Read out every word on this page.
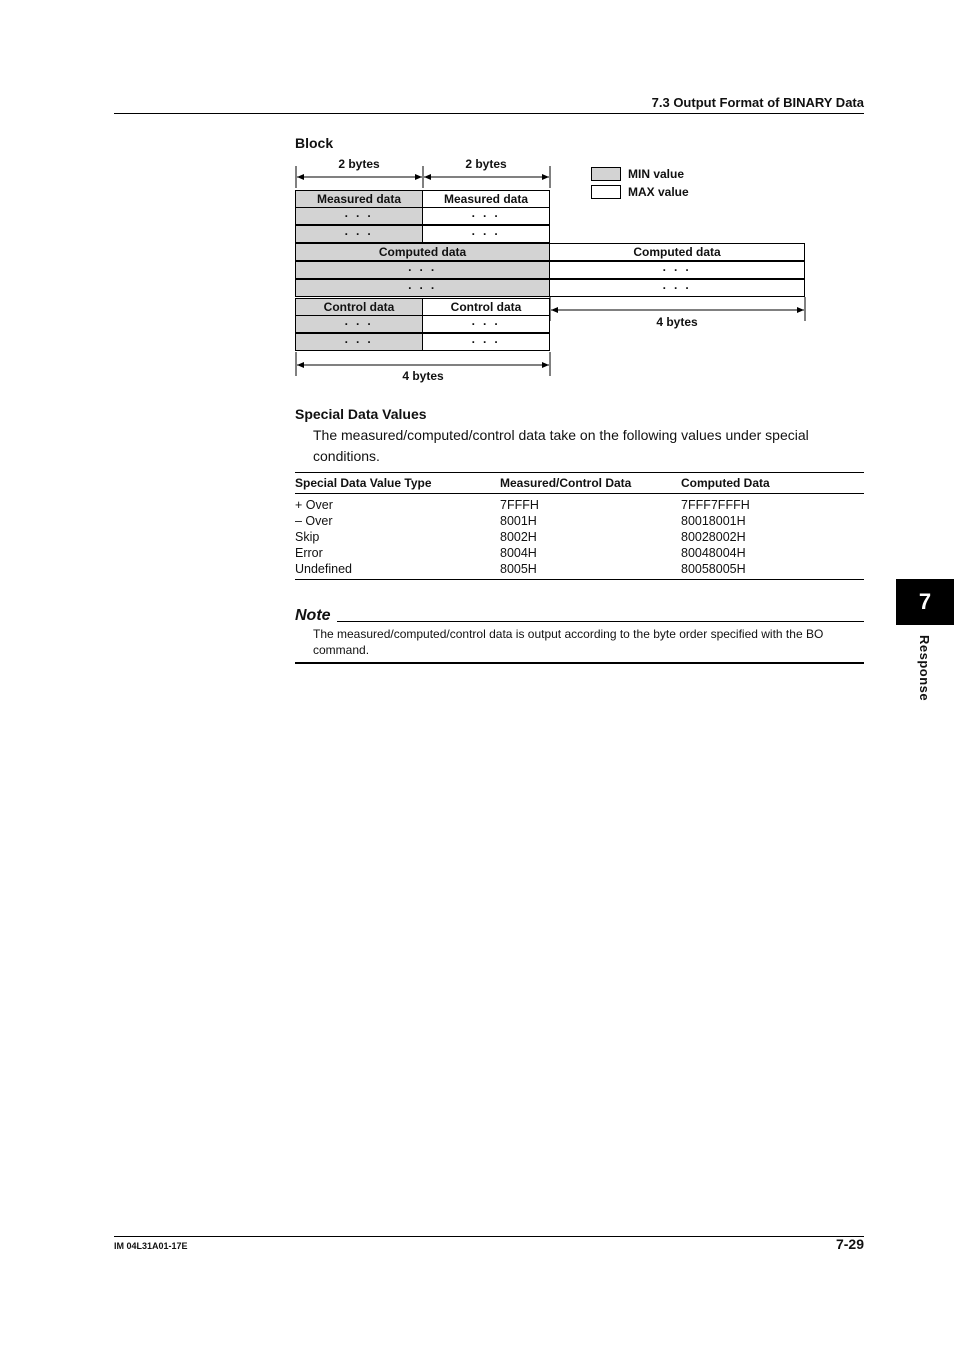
7.3 Output Format of BINARY Data
Block
2 bytes	2 bytes
Measured data	Measured data
· · ·	· · ·
· · ·	· · ·
Computed data	Computed data
· · ·	· · ·
· · ·	· · ·
Control data	Control data
· · ·	· · ·
· · ·	· · ·
4 bytes
4 bytes
MIN value
MAX value
Special Data Values
The measured/computed/control data take on the following values under special conditions.
Special Data Value Type	Measured/Control Data	Computed Data
+ Over	7FFFH	7FFF7FFFH
– Over	8001H	80018001H
Skip	8002H	80028002H
Error	8004H	80048004H
Undefined	8005H	80058005H
Note
The measured/computed/control data is output according to the byte order specified with the BO command.
7
Response
IM 04L31A01-17E	7-29
